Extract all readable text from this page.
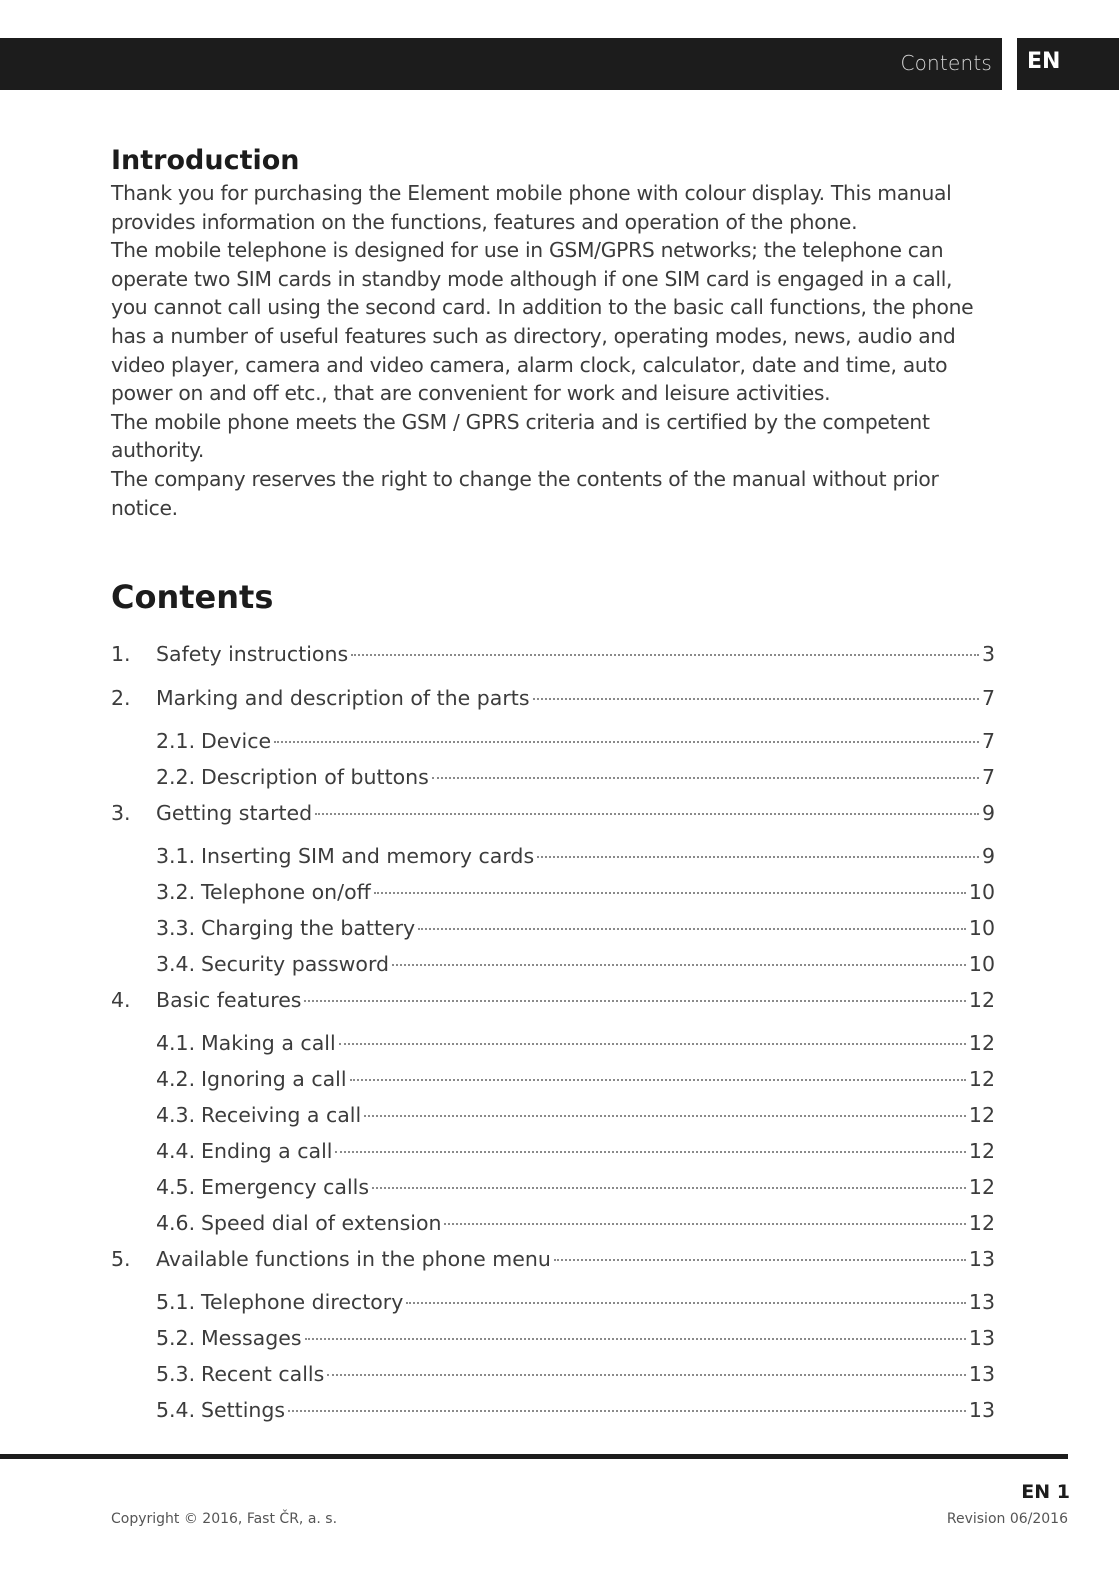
Contents EN
Introduction

Thank you for purchasing the Element mobile phone with colour display. This manual provides information on the functions, features and operation of the phone.

The mobile telephone is designed for use in GSM/GPRS networks; the telephone can operate two SIM cards in standby mode although if one SIM card is engaged in a call, you cannot call using the second card. In addition to the basic call functions, the phone has a number of useful features such as directory, operating modes, news, audio and video player, camera and video camera, alarm clock, calculator, date and time, auto power on and off etc., that are convenient for work and leisure activities.

The mobile phone meets the GSM / GPRS criteria and is certified by the competent authority.

The company reserves the right to change the contents of the manual without prior notice.

Contents
1.	Safety instructions	3
2.	Marking and description of the parts	7
2.1. Device	7
2.2. Description of buttons	7
3.	Getting started	9
3.1. Inserting SIM and memory cards	9
3.2. Telephone on/off	10
3.3. Charging the battery	10
3.4. Security password	10
4.	Basic features	12
4.1. Making a call	12
4.2. Ignoring a call	12
4.3. Receiving a call	12
4.4. Ending a call	12
4.5. Emergency calls	12
4.6. Speed dial of extension	12
5.	Available functions in the phone menu	13
5.1. Telephone directory	13
5.2. Messages	13
5.3. Recent calls	13
5.4. Settings	13
EN 1
Copyright © 2016, Fast ČR, a. s.	Revision 06/2016
